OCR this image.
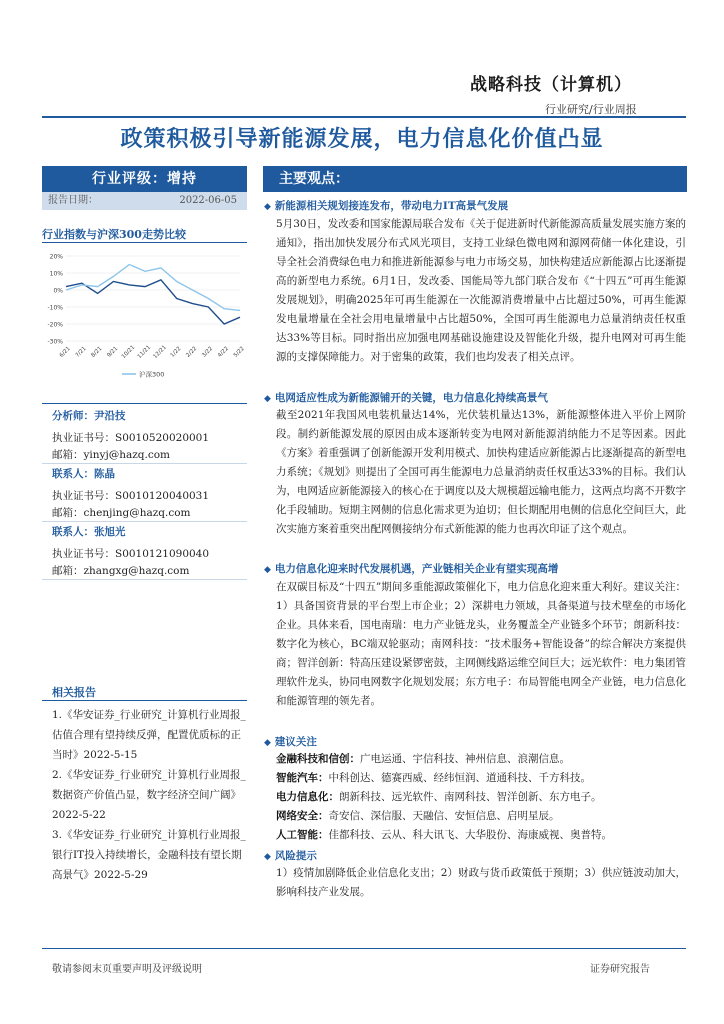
战略科技（计算机）
行业研究/行业周报
政策积极引导新能源发展，电力信息化价值凸显
行业评级：增持
报告日期：	2022-06-05
主要观点：
行业指数与沪深300走势比较
20%
10%
0%
-10%
-20%
-30%
6/21 7/21 8/21 9/21 10/21 11/21 12/21 1/22 2/22 3/22 4/22 5/22
沪深300
分析师：尹沿技
执业证书号：S0010520020001
邮箱：yinyj@hazq.com
联系人：陈晶
执业证书号：S0010120040031
邮箱：chenjing@hazq.com
联系人：张旭光
执业证书号：S0010121090040
邮箱：zhangxg@hazq.com
相关报告
1.《华安证券_行业研究_计算机行业周报_估值合理有望持续反弹，配置优质标的正当时》2022-5-15
2.《华安证券_行业研究_计算机行业周报_数据资产价值凸显，数字经济空间广阔》2022-5-22
3.《华安证券_行业研究_计算机行业周报_银行IT投入持续增长，金融科技有望长期高景气》2022-5-29
◆ 新能源相关规划接连发布，带动电力IT高景气发展
5月30日，发改委和国家能源局联合发布《关于促进新时代新能源高质量发展实施方案的通知》，指出加快发展分布式风光项目，支持工业绿色微电网和源网荷储一体化建设，引导全社会消费绿色电力和推进新能源参与电力市场交易，加快构建适应新能源占比逐渐提高的新型电力系统。6月1日，发改委、国能局等九部门联合发布《“十四五”可再生能源发展规划》，明确2025年可再生能源在一次能源消费增量中占比超过50%，可再生能源发电量增量在全社会用电量增量中占比超50%，全国可再生能源电力总量消纳责任权重达33%等目标。同时指出应加强电网基础设施建设及智能化升级，提升电网对可再生能源的支撑保障能力。对于密集的政策，我们也均发表了相关点评。
◆ 电网适应性成为新能源铺开的关键，电力信息化持续高景气
截至2021年我国风电装机量达14%，光伏装机量达13%，新能源整体进入平价上网阶段。制约新能源发展的原因由成本逐渐转变为电网对新能源消纳能力不足等因素。因此《方案》着重强调了创新能源开发利用模式、加快构建适应新能源占比逐渐提高的新型电力系统；《规划》则提出了全国可再生能源电力总量消纳责任权重达33%的目标。我们认为，电网适应新能源接入的核心在于调度以及大规模超远输电能力，这两点均离不开数字化手段辅助。短期主网侧的信息化需求更为迫切；但长期配用电侧的信息化空间巨大，此次实施方案着重突出配网侧接纳分布式新能源的能力也再次印证了这个观点。
◆ 电力信息化迎来时代发展机遇，产业链相关企业有望实现高增
在双碳目标及“十四五”期间多重能源政策催化下，电力信息化迎来重大利好。建议关注：1）具备国资背景的平台型上市企业；2）深耕电力领域，具备渠道与技术壁垒的市场化企业。具体来看，国电南瑞：电力产业链龙头，业务覆盖全产业链多个环节；朗新科技：数字化为核心，BC端双轮驱动；南网科技：“技术服务+智能设备”的综合解决方案提供商；智洋创新：特高压建设紧锣密鼓，主网侧线路运维空间巨大；远光软件：电力集团管理软件龙头，协同电网数字化规划发展；东方电子：布局智能电网全产业链，电力信息化和能源管理的领先者。
◆ 建议关注
金融科技和信创：广电运通、宇信科技、神州信息、浪潮信息。
智能汽车：中科创达、德赛西威、经纬恒润、道通科技、千方科技。
电力信息化：朗新科技、远光软件、南网科技、智洋创新、东方电子。
网络安全：奇安信、深信服、天融信、安恒信息、启明星辰。
人工智能：佳都科技、云从、科大讯飞、大华股份、海康威视、奥普特。
◆ 风险提示
1）疫情加剧降低企业信息化支出；2）财政与货币政策低于预期；3）供应链波动加大，影响科技产业发展。
敬请参阅末页重要声明及评级说明	证券研究报告
